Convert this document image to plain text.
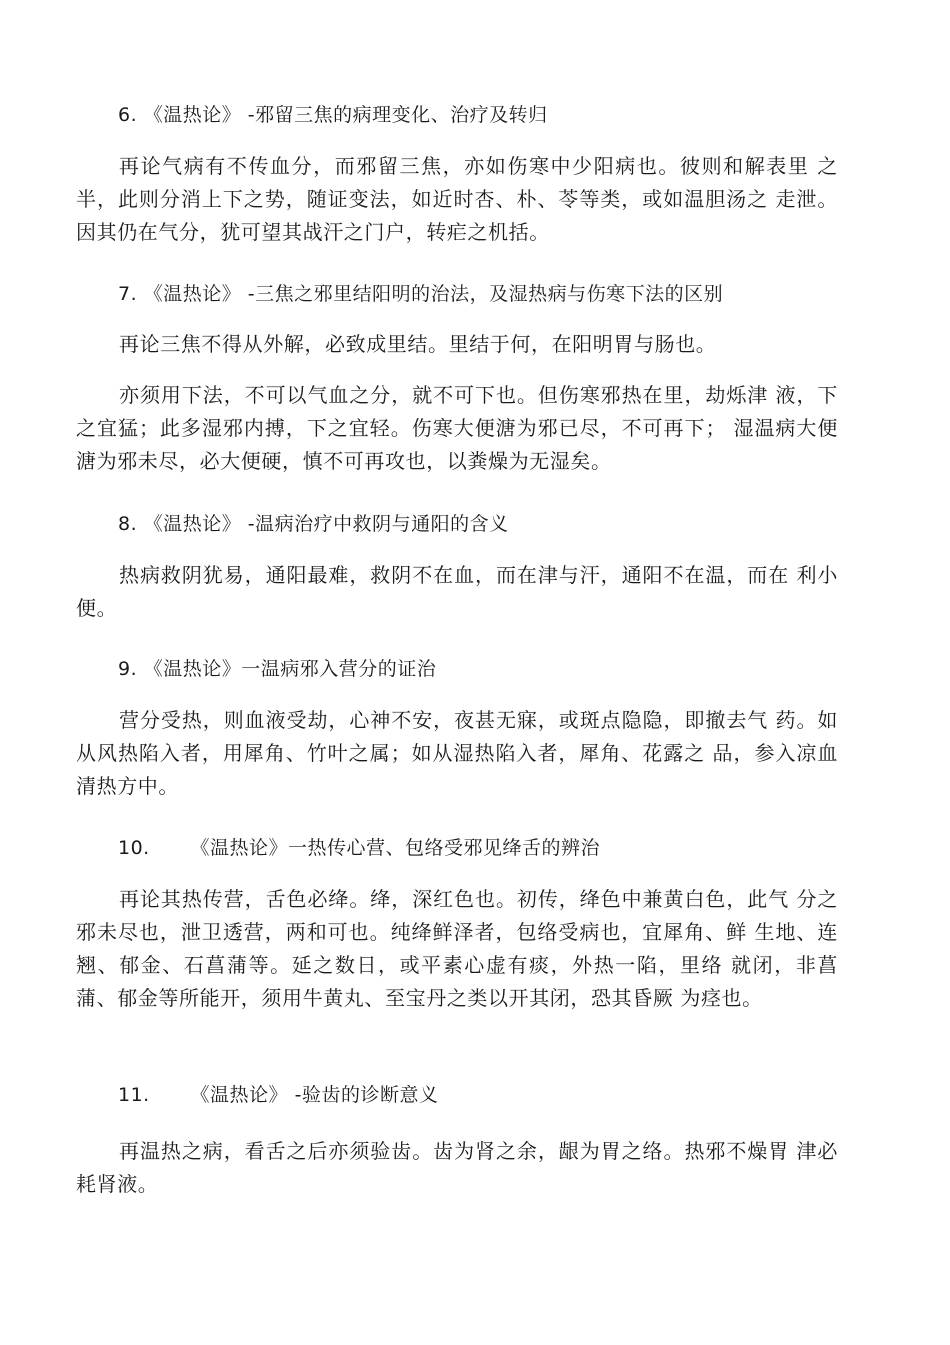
6. 《温热论》 -邪留三焦的病理变化、治疗及转归

再论气病有不传血分，而邪留三焦，亦如伤寒中少阳病也。彼则和解表里 之半，此则分消上下之势，随证变法，如近时杏、朴、苓等类，或如温胆汤之 走泄。因其仍在气分，犹可望其战汗之门户，转疟之机括。

7. 《温热论》 -三焦之邪里结阳明的治法，及湿热病与伤寒下法的区别

再论三焦不得从外解，必致成里结。里结于何，在阳明胃与肠也。

亦须用下法，不可以气血之分，就不可下也。但伤寒邪热在里，劫烁津 液，下之宜猛；此多湿邪内搏，下之宜轻。伤寒大便溏为邪已尽，不可再下； 湿温病大便溏为邪未尽，必大便硬，慎不可再攻也，以粪燥为无湿矣。

8. 《温热论》 -温病治疗中救阴与通阳的含义

热病救阴犹易，通阳最难，救阴不在血，而在津与汗，通阳不在温，而在 利小便。

9. 《温热论》一温病邪入营分的证治

营分受热，则血液受劫，心神不安，夜甚无寐，或斑点隐隐，即撤去气 药。如从风热陷入者，用犀角、竹叶之属；如从湿热陷入者，犀角、花露之 品，参入凉血清热方中。

10. 《温热论》一热传心营、包络受邪见绛舌的辨治

再论其热传营，舌色必绛。绛，深红色也。初传，绛色中兼黄白色，此气 分之邪未尽也，泄卫透营，两和可也。纯绛鲜泽者，包络受病也，宜犀角、鲜 生地、连翘、郁金、石菖蒲等。延之数日，或平素心虚有痰，外热一陷，里络 就闭，非菖蒲、郁金等所能开，须用牛黄丸、至宝丹之类以开其闭，恐其昏厥 为痉也。

11. 《温热论》 -验齿的诊断意义

再温热之病，看舌之后亦须验齿。齿为肾之余，龈为胃之络。热邪不燥胃 津必耗肾液。
